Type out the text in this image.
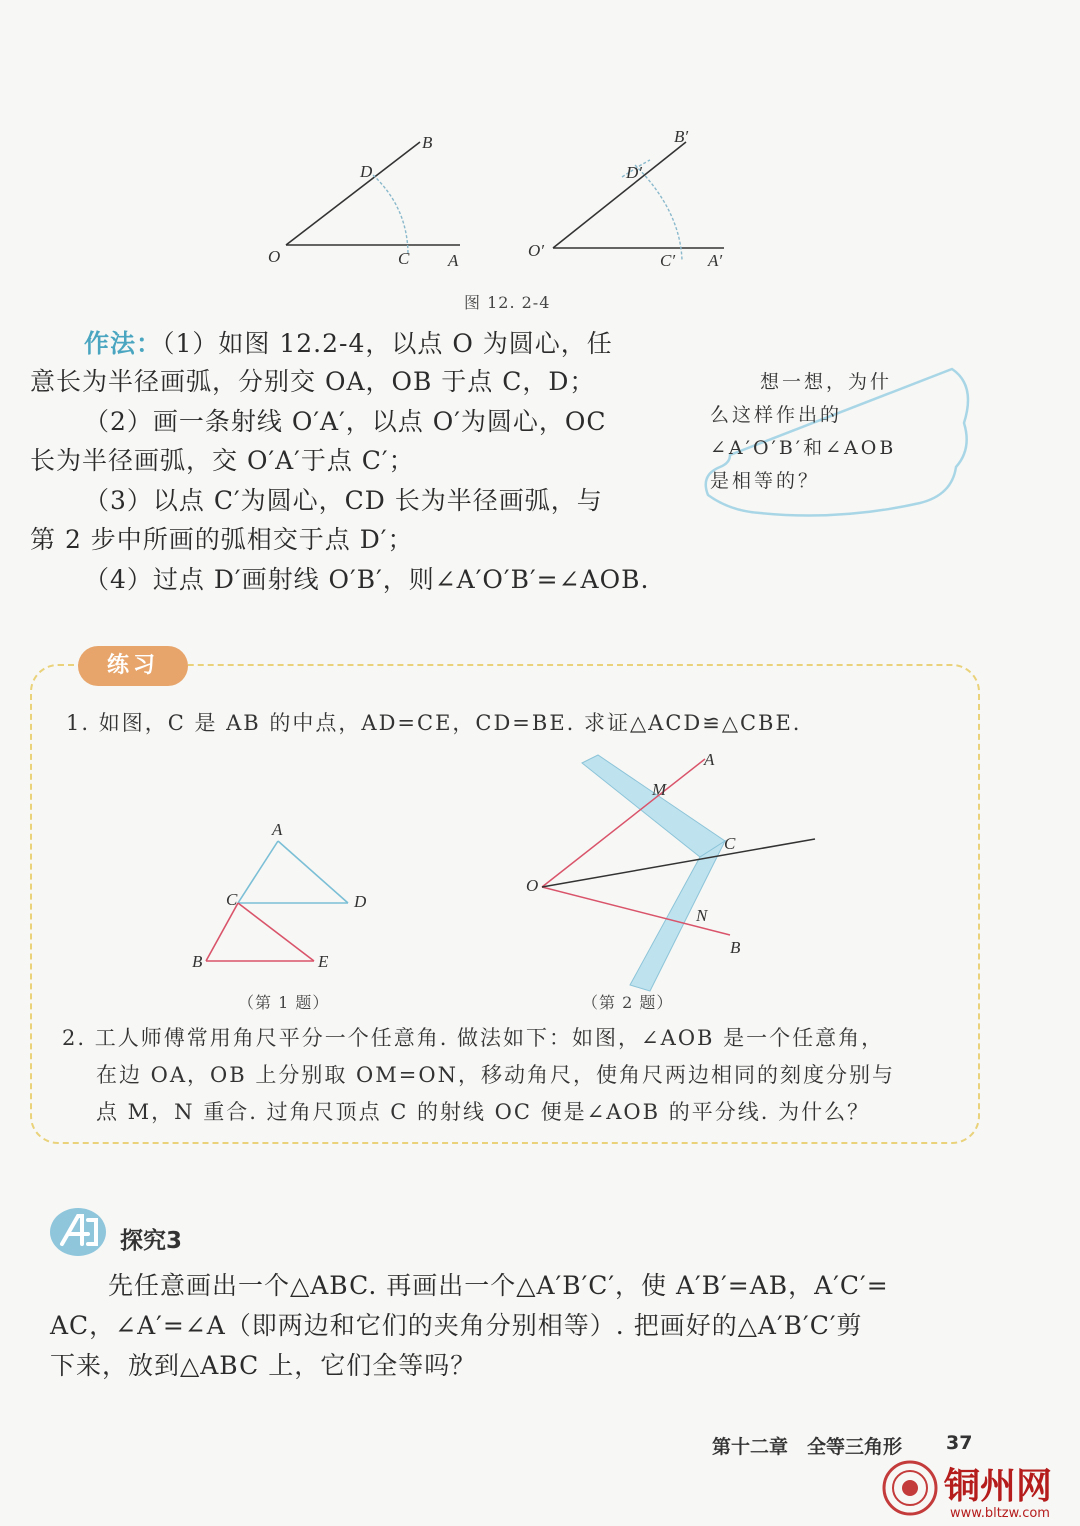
B
D
O	C A
B′
D′
O′
C′ A′
图 12. 2-4
作法：（1）如图 12.2-4，以点 O 为圆心，任
意长为半径画弧，分别交 OA，OB 于点 C，D；
（2）画一条射线 O′A′，以点 O′为圆心，OC
长为半径画弧，交 O′A′于点 C′；
（3）以点 C′为圆心，CD 长为半径画弧，与
第 2 步中所画的弧相交于点 D′；
（4）过点 D′画射线 O′B′，则∠A′O′B′=∠AOB.
想一想，为什
么这样作出的
∠A′O′B′和∠AOB
是相等的？
练习
1. 如图，C 是 AB 的中点，AD=CE，CD=BE. 求证△ACD≌△CBE.
A
C	D
B	E
（第 1 题）
A
M
C
O
N
B
（第 2 题）
2. 工人师傅常用角尺平分一个任意角. 做法如下：如图，∠AOB 是一个任意角，
在边 OA，OB 上分别取 OM=ON，移动角尺，使角尺两边相同的刻度分别与
点 M，N 重合. 过角尺顶点 C 的射线 OC 便是∠AOB 的平分线. 为什么？
探究3
先任意画出一个△ABC. 再画出一个△A′B′C′，使 A′B′=AB，A′C′=
AC，∠A′=∠A（即两边和它们的夹角分别相等）. 把画好的△A′B′C′剪
下来，放到△ABC 上，它们全等吗？
第十二章　全等三角形 37
铜州网
www.bltzw.com
